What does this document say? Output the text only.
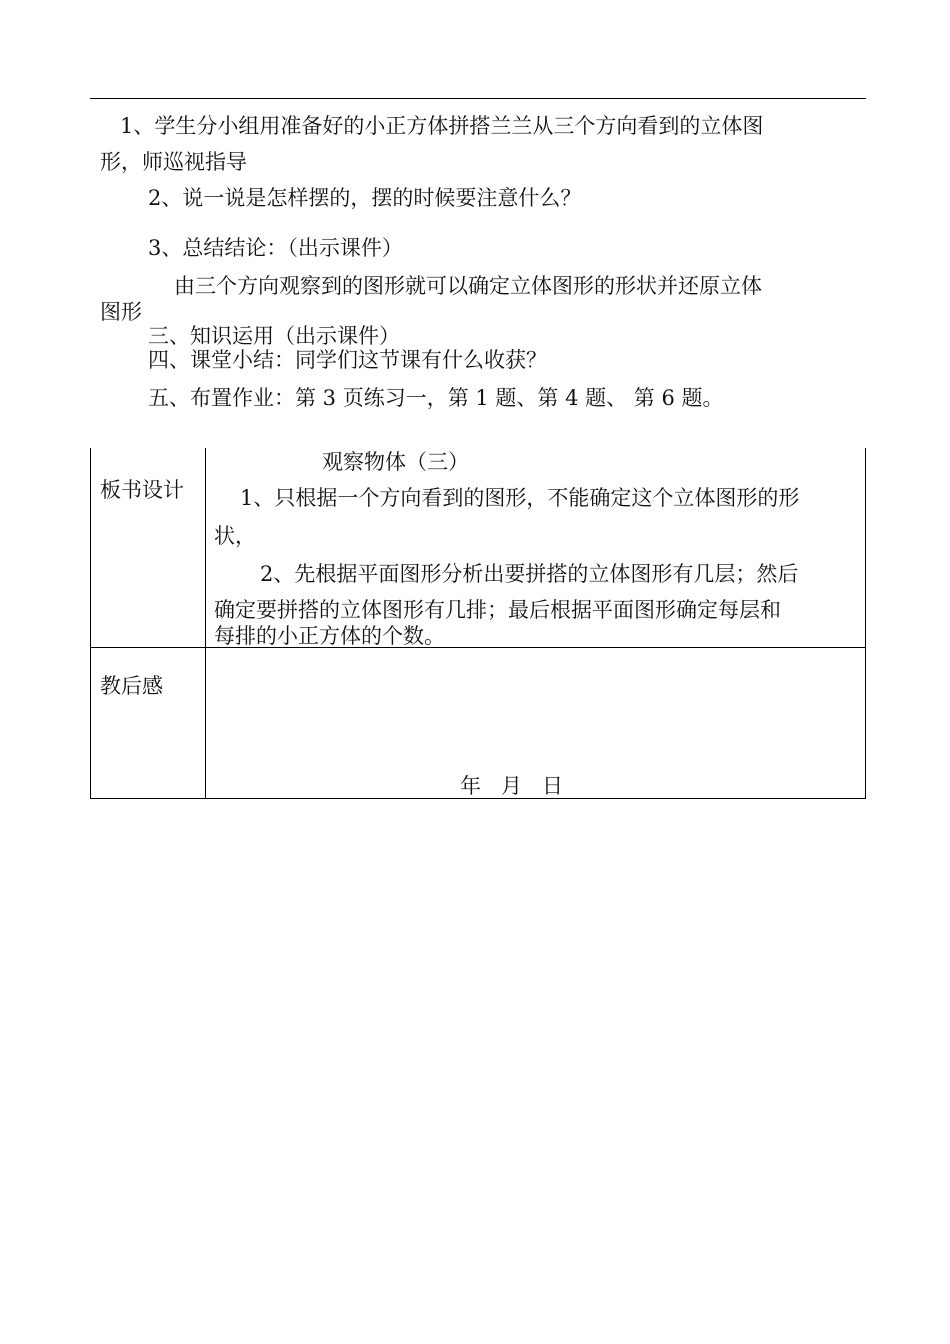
1、学生分小组用准备好的小正方体拼搭兰兰从三个方向看到的立体图
形，师巡视指导
2、说一说是怎样摆的，摆的时候要注意什么？
3、总结结论：（出示课件）
由三个方向观察到的图形就可以确定立体图形的形状并还原立体
图形
三、知识运用（出示课件）
四、课堂小结：同学们这节课有什么收获？
五、布置作业：第 3 页练习一，第 1 题、第 4 题、 第 6 题。
板书设计
观察物体（三）
1、只根据一个方向看到的图形，不能确定这个立体图形的形
状，
2、先根据平面图形分析出要拼搭的立体图形有几层；然后
确定要拼搭的立体图形有几排；最后根据平面图形确定每层和
每排的小正方体的个数。
教后感
年   月   日
